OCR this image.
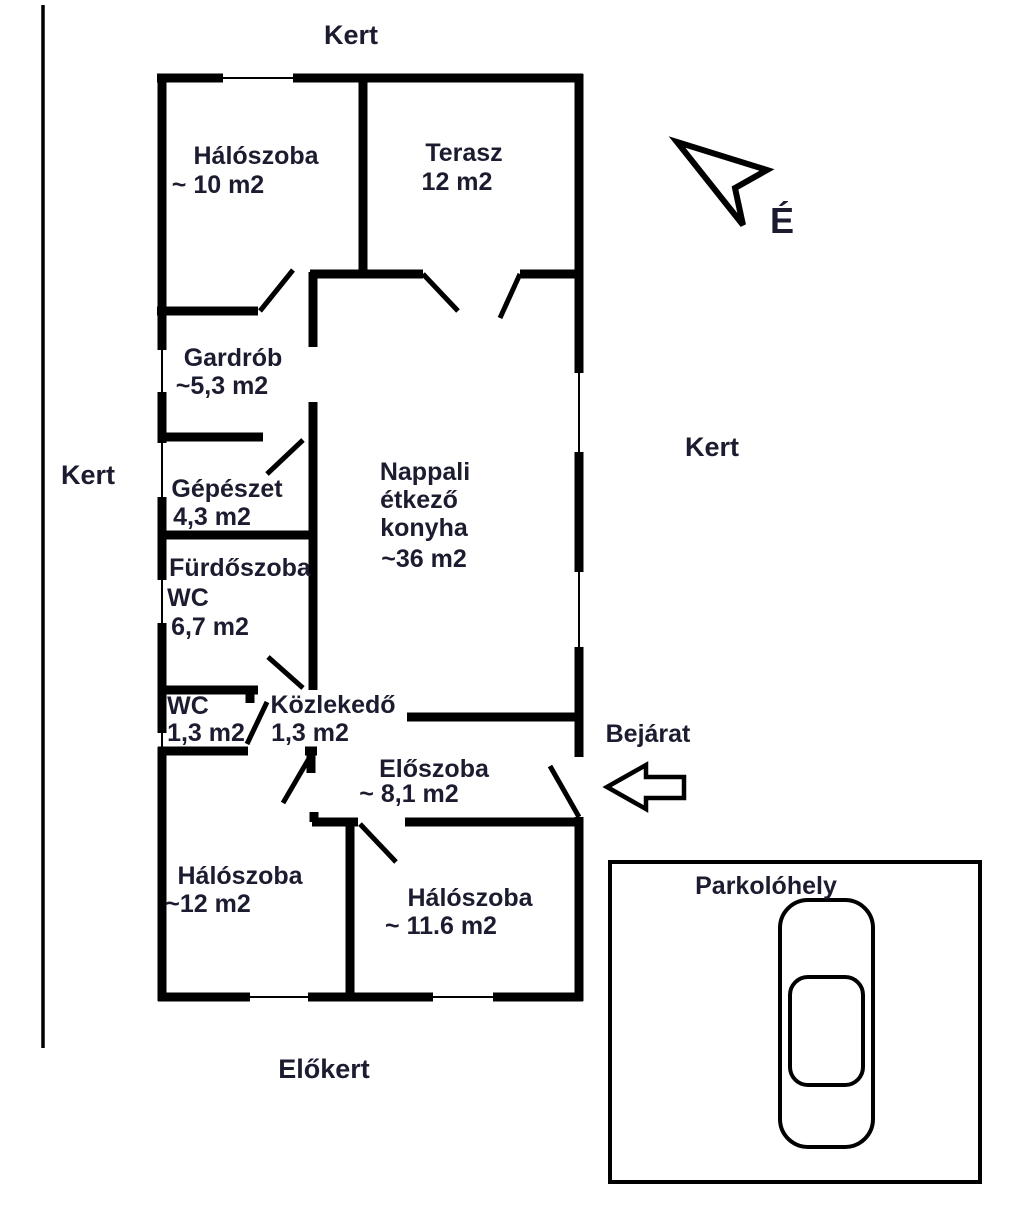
É
Parkolóhely
Kert
Kert
Kert
Előkert
Bejárat
Hálószoba
~ 10 m2
Terasz
12 m2
Gardrób
~5,3 m2
Gépészet
4,3 m2
Fürdőszoba
WC
6,7 m2
WC
1,3 m2
Közlekedő
1,3 m2
Nappali
étkező
konyha
~36 m2
Előszoba
~ 8,1 m2
Hálószoba
~12 m2	Hálószoba
~ 11.6 m2
